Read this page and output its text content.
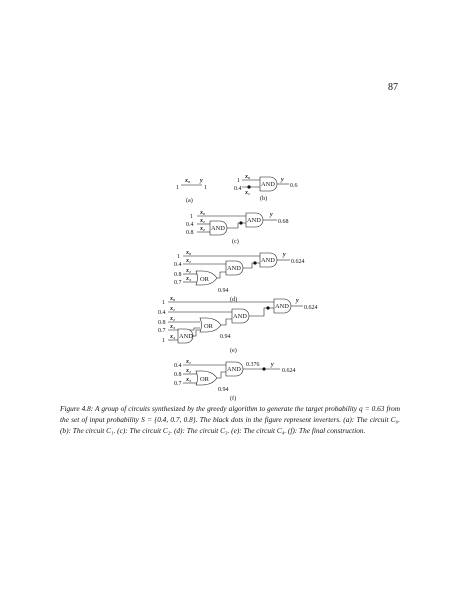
87
1
x₀ y
1
(a)
1
x₀
0.4
x₁
AND
y
0.6
(b)
1
x₀
0.4
x₁
0.8
x₂ AND
AND
y
0.68
(c)
1
x₀
0.4
x₁
0.8
x₂
0.7
x₃ OR
0.94
AND
AND
y
0.624
(d)
1
x₀
0.4
x₁
0.8
x₂
0.7
x₃
1
x₄ AND
OR
0.94
AND
AND
y
0.624
(e)
0.4
x₁
0.8
x₂
0.7
x₃ OR
0.94
AND
0.376 y
0.624
(f)
Figure 4.8: A group of circuits synthesized by the greedy algorithm to generate the target probability q = 0.63 from the set of input probability S = {0.4, 0.7, 0.8}. The black dots in the figure represent inverters. (a): The circuit C₀. (b): The circuit C₁. (c): The circuit C₂. (d): The circuit C₃. (e): The circuit C₄. (f): The final construction.
